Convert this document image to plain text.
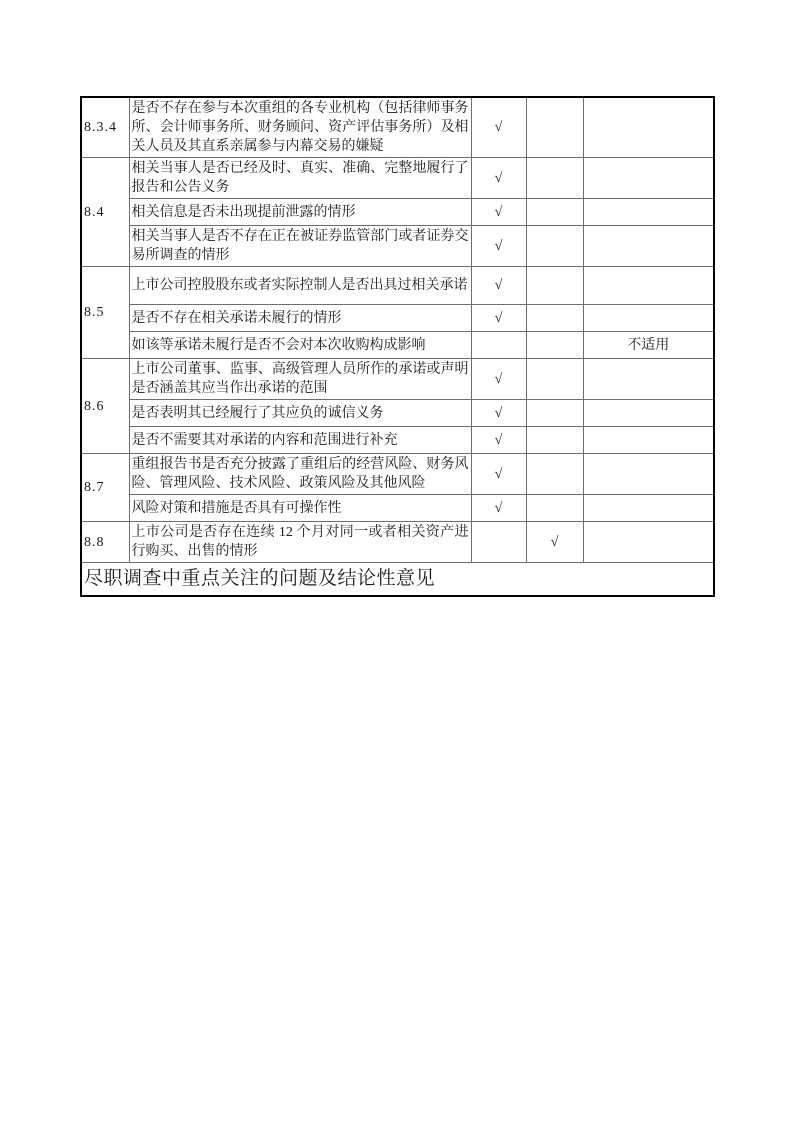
8.3.4	是否不存在参与本次重组的各专业机构（包括律师事务所、会计师事务所、财务顾问、资产评估事务所）及相关人员及其直系亲属参与内幕交易的嫌疑	√		
8.4	相关当事人是否已经及时、真实、准确、完整地履行了报告和公告义务	√		
	相关信息是否未出现提前泄露的情形	√		
	相关当事人是否不存在正在被证券监管部门或者证券交易所调查的情形	√		
8.5	上市公司控股股东或者实际控制人是否出具过相关承诺	√		
	是否不存在相关承诺未履行的情形	√		
	如该等承诺未履行是否不会对本次收购构成影响			不适用
8.6	上市公司董事、监事、高级管理人员所作的承诺或声明是否涵盖其应当作出承诺的范围	√		
	是否表明其已经履行了其应负的诚信义务	√		
	是否不需要其对承诺的内容和范围进行补充	√		
8.7	重组报告书是否充分披露了重组后的经营风险、财务风险、管理风险、技术风险、政策风险及其他风险	√		
	风险对策和措施是否具有可操作性	√		
8.8	上市公司是否存在连续 12 个月对同一或者相关资产进行购买、出售的情形		√	
尽职调查中重点关注的问题及结论性意见				
